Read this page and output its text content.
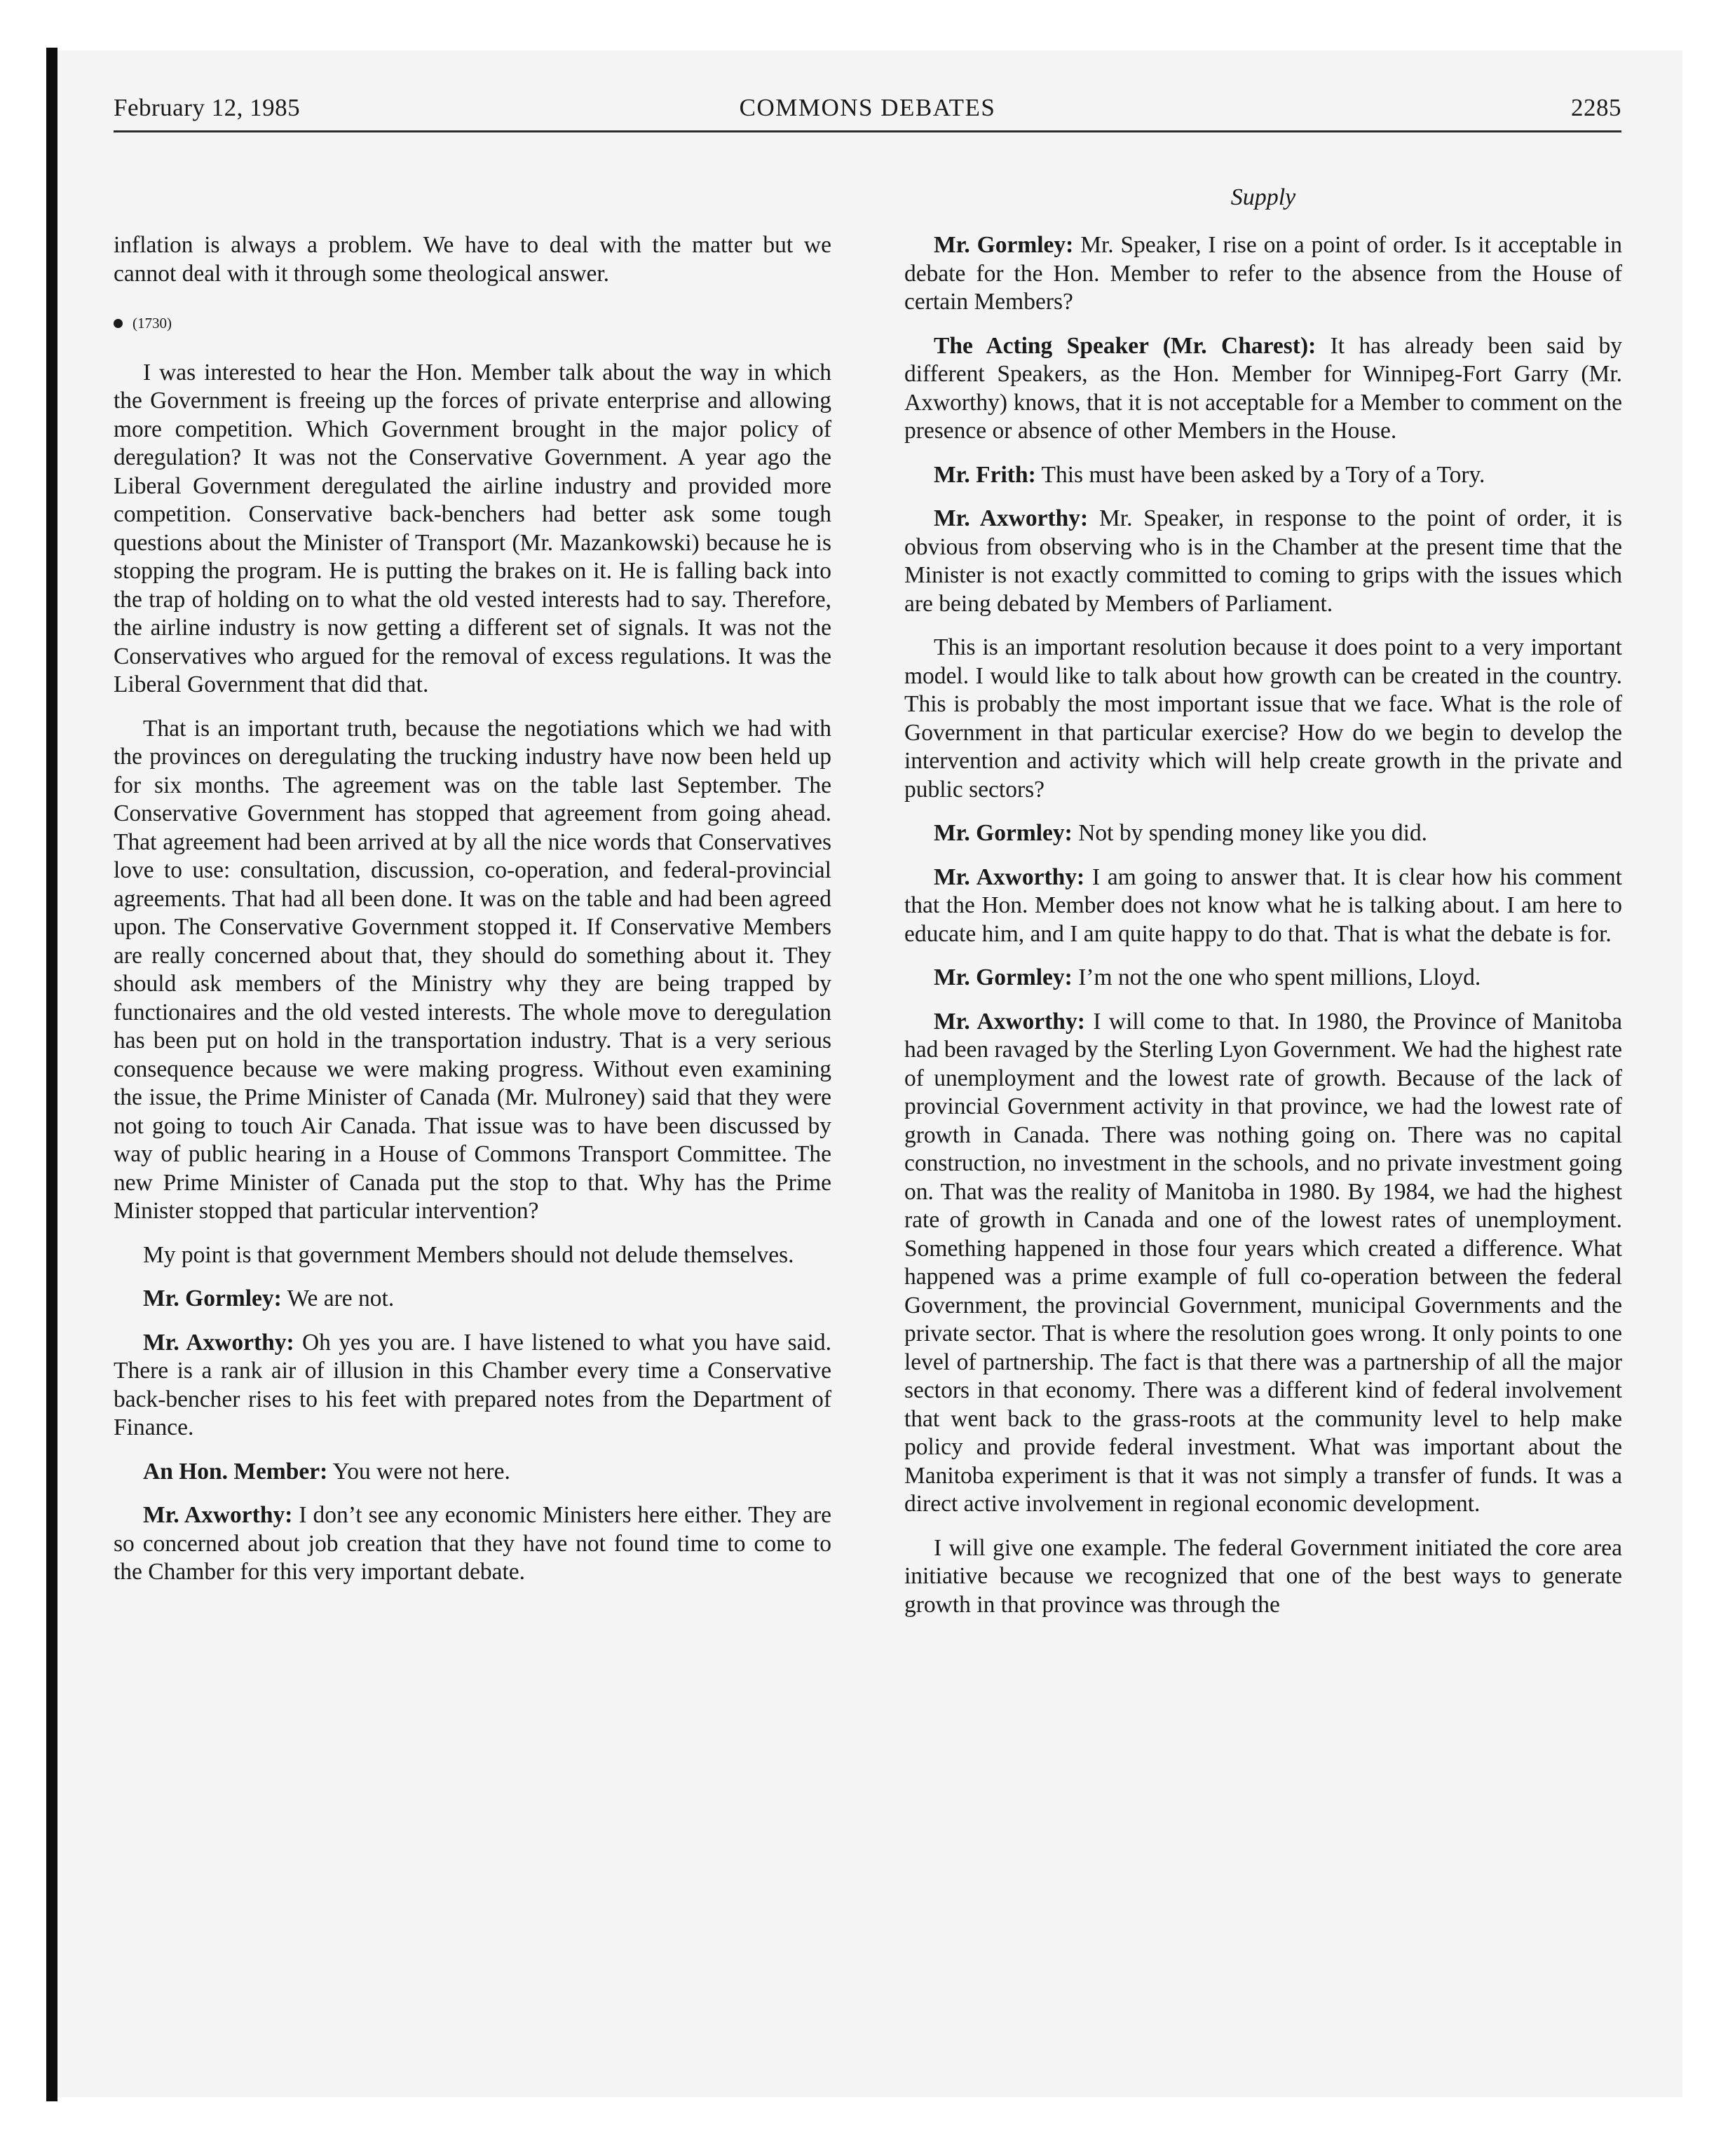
February 12, 1985	COMMONS DEBATES	2285

inflation is always a problem. We have to deal with the matter but we cannot deal with it through some theological answer.

(1730)

I was interested to hear the Hon. Member talk about the way in which the Government is freeing up the forces of private enterprise and allowing more competition. Which Government brought in the major policy of deregulation? It was not the Conservative Government. A year ago the Liberal Government deregulated the airline industry and provided more competition. Conservative back-benchers had better ask some tough questions about the Minister of Transport (Mr. Mazankowski) because he is stopping the program. He is putting the brakes on it. He is falling back into the trap of holding on to what the old vested interests had to say. Therefore, the airline industry is now getting a different set of signals. It was not the Conservatives who argued for the removal of excess regulations. It was the Liberal Government that did that.

That is an important truth, because the negotiations which we had with the provinces on deregulating the trucking industry have now been held up for six months. The agreement was on the table last September. The Conservative Government has stopped that agreement from going ahead. That agreement had been arrived at by all the nice words that Conservatives love to use: consultation, discussion, co-operation, and federal-provincial agreements. That had all been done. It was on the table and had been agreed upon. The Conservative Government stopped it. If Conservative Members are really concerned about that, they should do something about it. They should ask members of the Ministry why they are being trapped by functionaires and the old vested interests. The whole move to deregulation has been put on hold in the transportation industry. That is a very serious consequence because we were making progress. Without even examining the issue, the Prime Minister of Canada (Mr. Mulroney) said that they were not going to touch Air Canada. That issue was to have been discussed by way of public hearing in a House of Commons Transport Committee. The new Prime Minister of Canada put the stop to that. Why has the Prime Minister stopped that particular intervention?

My point is that government Members should not delude themselves.

Mr. Gormley: We are not.

Mr. Axworthy: Oh yes you are. I have listened to what you have said. There is a rank air of illusion in this Chamber every time a Conservative back-bencher rises to his feet with prepared notes from the Department of Finance.

An Hon. Member: You were not here.

Mr. Axworthy: I don’t see any economic Ministers here either. They are so concerned about job creation that they have not found time to come to the Chamber for this very important debate.

Supply

Mr. Gormley: Mr. Speaker, I rise on a point of order. Is it acceptable in debate for the Hon. Member to refer to the absence from the House of certain Members?

The Acting Speaker (Mr. Charest): It has already been said by different Speakers, as the Hon. Member for Winnipeg-Fort Garry (Mr. Axworthy) knows, that it is not acceptable for a Member to comment on the presence or absence of other Members in the House.

Mr. Frith: This must have been asked by a Tory of a Tory.

Mr. Axworthy: Mr. Speaker, in response to the point of order, it is obvious from observing who is in the Chamber at the present time that the Minister is not exactly committed to coming to grips with the issues which are being debated by Members of Parliament.

This is an important resolution because it does point to a very important model. I would like to talk about how growth can be created in the country. This is probably the most important issue that we face. What is the role of Government in that particular exercise? How do we begin to develop the intervention and activity which will help create growth in the private and public sectors?

Mr. Gormley: Not by spending money like you did.

Mr. Axworthy: I am going to answer that. It is clear how his comment that the Hon. Member does not know what he is talking about. I am here to educate him, and I am quite happy to do that. That is what the debate is for.

Mr. Gormley: I’m not the one who spent millions, Lloyd.

Mr. Axworthy: I will come to that. In 1980, the Province of Manitoba had been ravaged by the Sterling Lyon Government. We had the highest rate of unemployment and the lowest rate of growth. Because of the lack of provincial Government activity in that province, we had the lowest rate of growth in Canada. There was nothing going on. There was no capital construction, no investment in the schools, and no private investment going on. That was the reality of Manitoba in 1980. By 1984, we had the highest rate of growth in Canada and one of the lowest rates of unemployment. Something happened in those four years which created a difference. What happened was a prime example of full co-operation between the federal Government, the provincial Government, municipal Governments and the private sector. That is where the resolution goes wrong. It only points to one level of partnership. The fact is that there was a partnership of all the major sectors in that economy. There was a different kind of federal involvement that went back to the grass-roots at the community level to help make policy and provide federal investment. What was important about the Manitoba experiment is that it was not simply a transfer of funds. It was a direct active involvement in regional economic development.

I will give one example. The federal Government initiated the core area initiative because we recognized that one of the best ways to generate growth in that province was through the
